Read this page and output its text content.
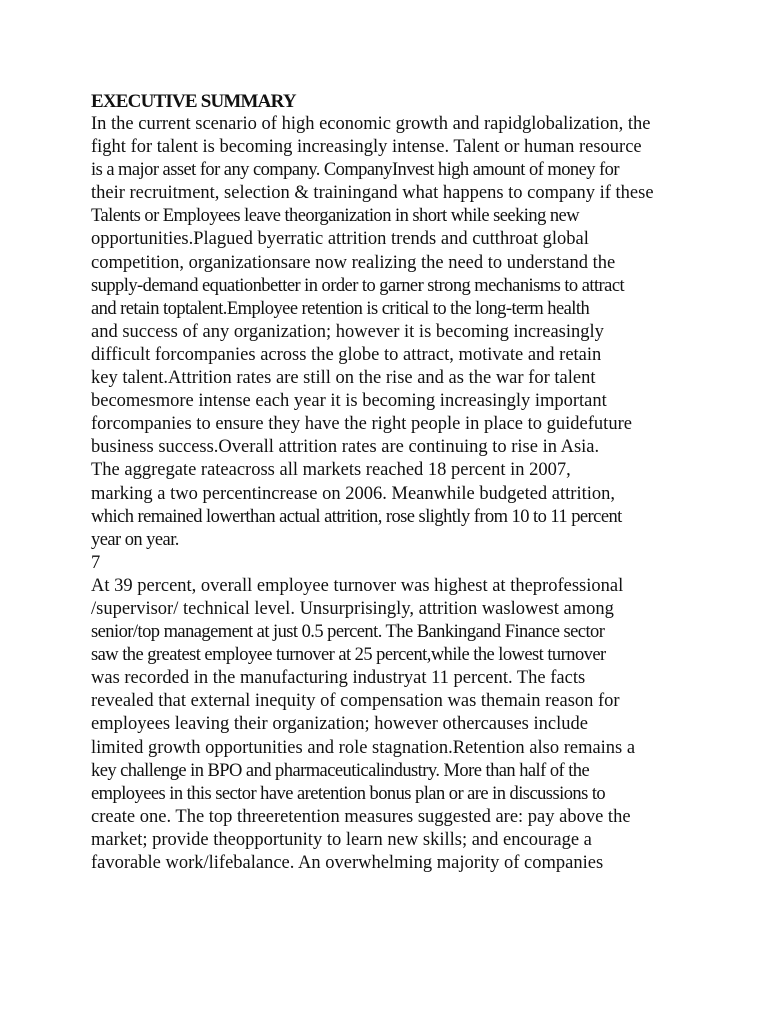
EXECUTIVE SUMMARY
In the current scenario of high economic growth and rapidglobalization, the
fight for talent is becoming increasingly intense. Talent or human resource
is a major asset for any company. CompanyInvest high amount of money for
their recruitment, selection & trainingand what happens to company if these
Talents or Employees leave theorganization in short while seeking new
opportunities.Plagued byerratic attrition trends and cutthroat global
competition, organizationsare now realizing the need to understand the
supply-demand equationbetter in order to garner strong mechanisms to attract
and retain toptalent.Employee retention is critical to the long-term health
and success of any organization; however it is becoming increasingly
difficult forcompanies across the globe to attract, motivate and retain
key talent.Attrition rates are still on the rise and as the war for talent
becomesmore intense each year it is becoming increasingly important
forcompanies to ensure they have the right people in place to guidefuture
business success.Overall attrition rates are continuing to rise in Asia.
The aggregate rateacross all markets reached 18 percent in 2007,
marking a two percentincrease on 2006. Meanwhile budgeted attrition,
which remained lowerthan actual attrition, rose slightly from 10 to 11 percent
year on year.
7
At 39 percent, overall employee turnover was highest at theprofessional
/supervisor/ technical level. Unsurprisingly, attrition waslowest among
senior/top management at just 0.5 percent. The Bankingand Finance sector
saw the greatest employee turnover at 25 percent,while the lowest turnover
was recorded in the manufacturing industryat 11 percent. The facts
revealed that external inequity of compensation was themain reason for
employees leaving their organization; however othercauses include
limited growth opportunities and role stagnation.Retention also remains a
key challenge in BPO and pharmaceuticalindustry. More than half of the
employees in this sector have aretention bonus plan or are in discussions to
create one. The top threeretention measures suggested are: pay above the
market; provide theopportunity to learn new skills; and encourage a
favorable work/lifebalance. An overwhelming majority of companies
